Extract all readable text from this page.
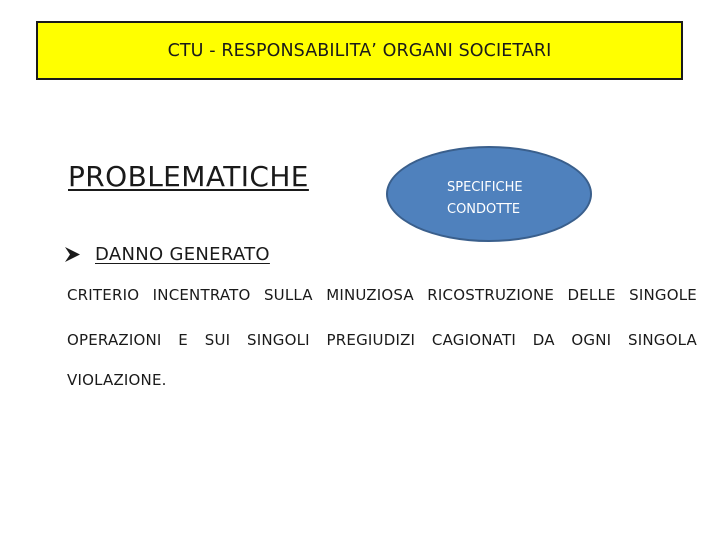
CTU - RESPONSABILITA’ ORGANI SOCIETARI
PROBLEMATICHE	SPECIFICHE
CONDOTTE
DANNO GENERATO
CRITERIO INCENTRATO SULLA MINUZIOSA RICOSTRUZIONE DELLE SINGOLE
OPERAZIONI E SUI SINGOLI PREGIUDIZI CAGIONATI DA OGNI SINGOLA
VIOLAZIONE.
